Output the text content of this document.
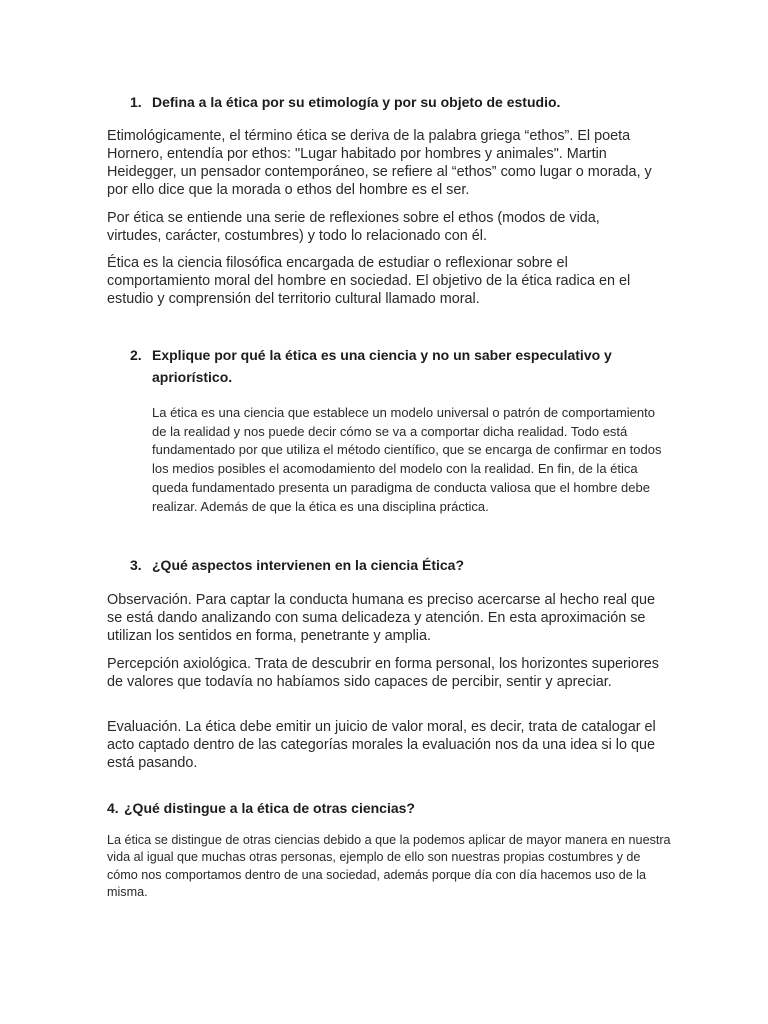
1. Defina a la ética por su etimología y por su objeto de estudio.

Etimológicamente, el término ética se deriva de la palabra griega “ethos”. El poeta Hornero, entendía por ethos: "Lugar habitado por hombres y animales". Martin Heidegger, un pensador contemporáneo, se refiere al “ethos” como lugar o morada, y por ello dice que la morada o ethos del hombre es el ser.

Por ética se entiende una serie de reflexiones sobre el ethos (modos de vida, virtudes, carácter, costumbres) y todo lo relacionado con él.

Ética es la ciencia filosófica encargada de estudiar o reflexionar sobre el comportamiento moral del hombre en sociedad. El objetivo de la ética radica en el estudio y comprensión del territorio cultural llamado moral.

2. Explique por qué la ética es una ciencia y no un saber especulativo y apriorístico.

La ética es una ciencia que establece un modelo universal o patrón de comportamiento de la realidad y nos puede decir cómo se va a comportar dicha realidad. Todo está fundamentado por que utiliza el método científico, que se encarga de confirmar en todos los medios posibles el acomodamiento del modelo con la realidad. En fin, de la ética queda fundamentado presenta un paradigma de conducta valiosa que el hombre debe realizar. Además de que la ética es una disciplina práctica.

3. ¿Qué aspectos intervienen en la ciencia Ética?

Observación. Para captar la conducta humana es preciso acercarse al hecho real que se está dando analizando con suma delicadeza y atención. En esta aproximación se utilizan los sentidos en forma, penetrante y amplia.

Percepción axiológica. Trata de descubrir en forma personal, los horizontes superiores de valores que todavía no habíamos sido capaces de percibir, sentir y apreciar.

Evaluación. La ética debe emitir un juicio de valor moral, es decir, trata de catalogar el acto captado dentro de las categorías morales la evaluación nos da una idea si lo que está pasando.

4. ¿Qué distingue a la ética de otras ciencias?

La ética se distingue de otras ciencias debido a que la podemos aplicar de mayor manera en nuestra vida al igual que muchas otras personas, ejemplo de ello son nuestras propias costumbres y de cómo nos comportamos dentro de una sociedad, además porque día con día hacemos uso de la misma.
